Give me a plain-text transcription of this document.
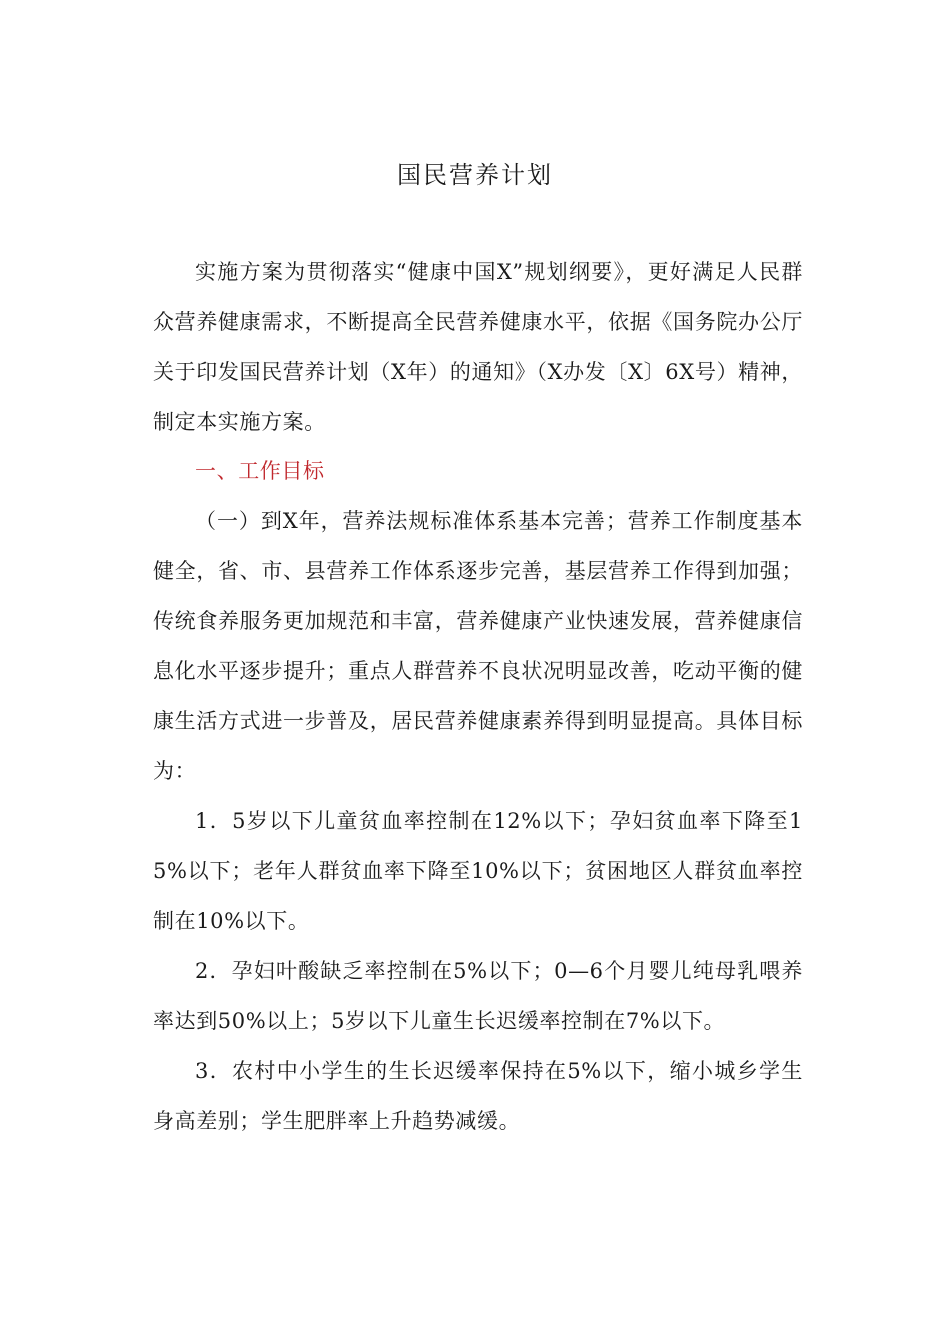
国民营养计划

实施方案为贯彻落实“健康中国X”规划纲要》，更好满足人民群众营养健康需求，不断提高全民营养健康水平，依据《国务院办公厅关于印发国民营养计划（X年）的通知》（X办发〔X〕6X号）精神，制定本实施方案。

一、工作目标

（一）到X年，营养法规标准体系基本完善；营养工作制度基本健全，省、市、县营养工作体系逐步完善，基层营养工作得到加强；传统食养服务更加规范和丰富，营养健康产业快速发展，营养健康信息化水平逐步提升；重点人群营养不良状况明显改善，吃动平衡的健康生活方式进一步普及，居民营养健康素养得到明显提高。具体目标为：

1．5岁以下儿童贫血率控制在12%以下；孕妇贫血率下降至15%以下；老年人群贫血率下降至10%以下；贫困地区人群贫血率控制在10%以下。

2．孕妇叶酸缺乏率控制在5%以下；0—6个月婴儿纯母乳喂养率达到50%以上；5岁以下儿童生长迟缓率控制在7%以下。

3．农村中小学生的生长迟缓率保持在5%以下，缩小城乡学生身高差别；学生肥胖率上升趋势减缓。
